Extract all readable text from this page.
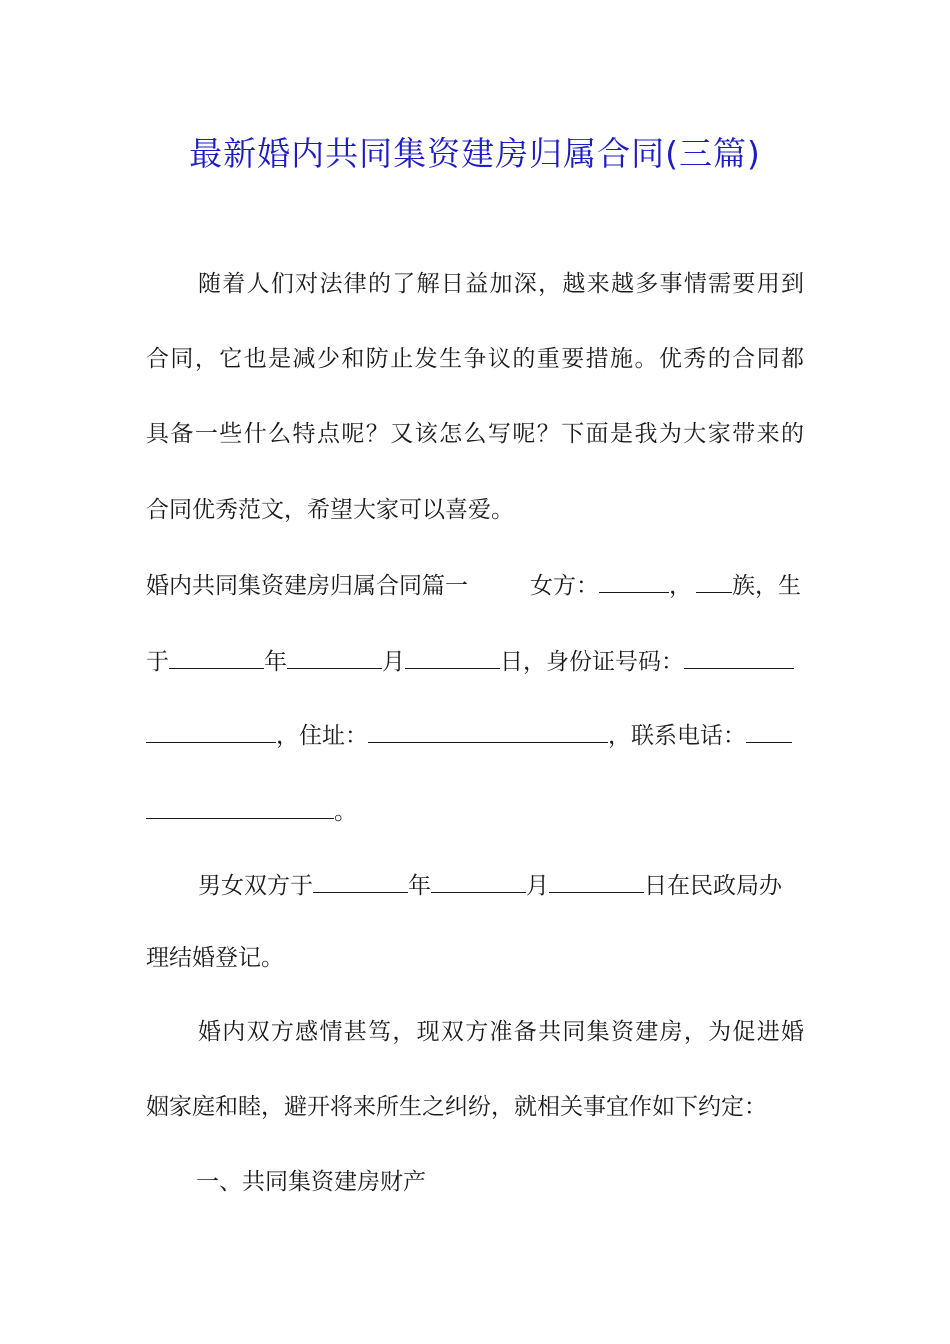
最新婚内共同集资建房归属合同(三篇)
随着人们对法律的了解日益加深，越来越多事情需要用到
合同，它也是减少和防止发生争议的重要措施。优秀的合同都
具备一些什么特点呢？又该怎么写呢？下面是我为大家带来的
合同优秀范文，希望大家可以喜爱。
婚内共同集资建房归属合同篇一	女方：	， 族，生
于	年	月	日，身份证号码：
，住址：	，联系电话：
。
男女双方于	年	月	日在民政局办
理结婚登记。
婚内双方感情甚笃，现双方准备共同集资建房，为促进婚
姻家庭和睦，避开将来所生之纠纷，就相关事宜作如下约定：
一、共同集资建房财产
